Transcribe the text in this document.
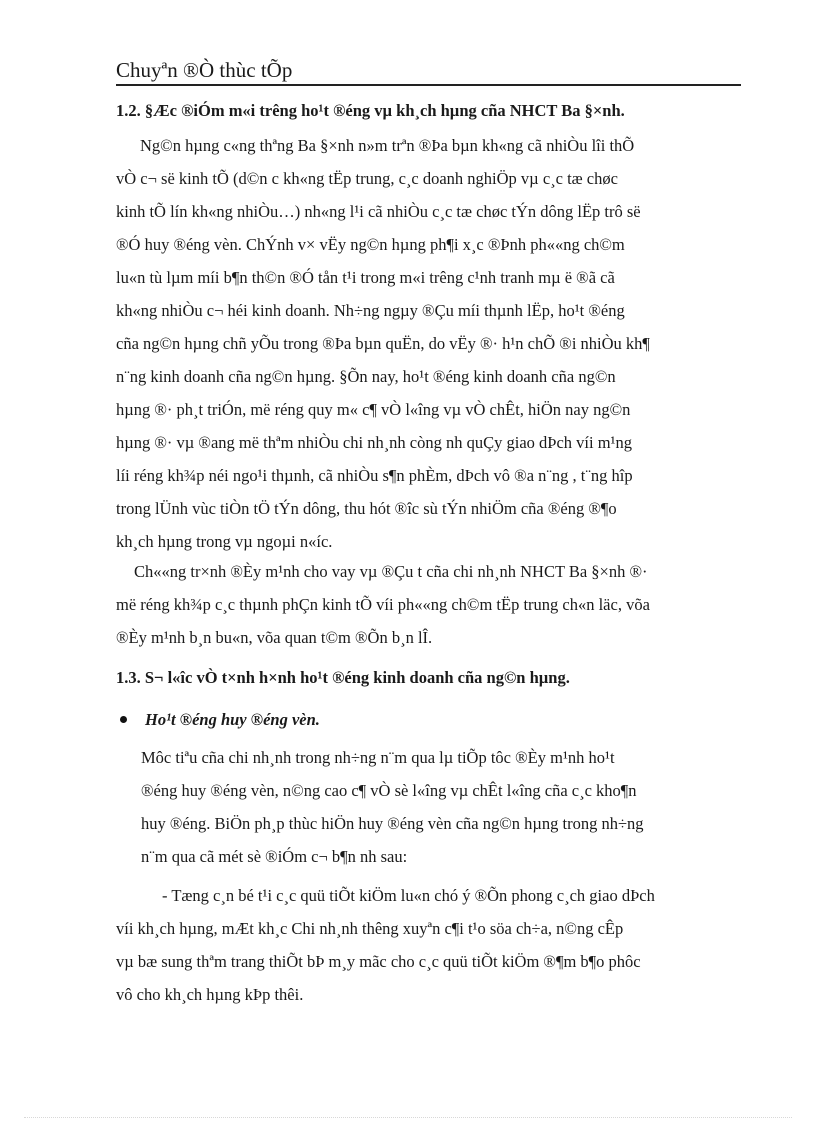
Chuyªn ®Ò thùc tÕp
1.2. §Æc ®iÓm m«i trêng ho¹t ®éng vµ kh¸ch hµng cña NHCT Ba §×nh.
Ng©n hµng c«ng thªng Ba §×nh n»m trªn ®Þa bµn kh«ng cã nhiÒu lîi thÕ
vÒ c¬ së kinh tÕ (d©n c kh«ng tËp trung, c¸c doanh nghiÖp vµ c¸c tæ chøc
kinh tÕ lín kh«ng nhiÒu…) nh«ng l¹i cã nhiÒu c¸c tæ chøc tÝn dông lËp trô së
®Ó huy ®éng vèn. ChÝnh v× vËy ng©n hµng ph¶i x¸c ®Þnh ph««ng ch©m
lu«n tù lµm míi b¶n th©n ®Ó tån t¹i trong m«i trêng c¹nh tranh mµ ë ®ã cã
kh«ng nhiÒu c¬ héi kinh doanh. Nh÷ng ngµy ®Çu míi thµnh lËp, ho¹t ®éng
cña ng©n hµng chñ yÕu trong ®Þa bµn quËn, do vËy ®· h¹n chÕ ®i nhiÒu kh¶
n¨ng kinh doanh cña ng©n hµng. §Õn nay, ho¹t ®éng kinh doanh cña ng©n
hµng ®· ph¸t triÓn, më réng quy m« c¶ vÒ l«îng vµ vÒ chÊt, hiÖn nay ng©n
hµng ®· vµ ®ang më thªm nhiÒu chi nh¸nh còng nh quÇy giao dÞch víi m¹ng
líi réng kh¾p néi ngo¹i thµnh, cã nhiÒu s¶n phÈm, dÞch vô ®a n¨ng , t¨ng hîp
trong lÜnh vùc tiÒn tÖ tÝn dông, thu hót ®îc sù tÝn nhiÖm cña ®éng ®¶o
kh¸ch hµng trong vµ ngoµi n«íc.
Ch««ng tr×nh ®Èy m¹nh cho vay vµ ®Çu t cña chi nh¸nh NHCT Ba §×nh ®·
më réng kh¾p c¸c thµnh phÇn kinh tÕ víi ph««ng ch©m tËp trung ch«n läc, võa
®Èy m¹nh b¸n bu«n, võa quan t©m ®Õn b¸n lÎ.
1.3. S¬ l«îc vÒ t×nh h×nh ho¹t ®éng kinh doanh cña ng©n hµng.
Ho¹t ®éng huy ®éng vèn.
Môc tiªu cña chi nh¸nh trong nh÷ng n¨m qua lµ tiÕp tôc ®Èy m¹nh ho¹t
®éng huy ®éng vèn, n©ng cao c¶ vÒ sè l«îng vµ chÊt l«îng cña c¸c kho¶n
huy ®éng. BiÖn ph¸p thùc hiÖn huy ®éng vèn cña ng©n hµng trong nh÷ng
n¨m qua cã mét sè ®iÓm c¬ b¶n nh sau:
- Tæng c¸n bé t¹i c¸c quü tiÕt kiÖm lu«n chó ý ®Õn phong c¸ch giao dÞch
víi kh¸ch hµng, mÆt kh¸c Chi nh¸nh thêng xuyªn c¶i t¹o söa ch÷a, n©ng cÊp
vµ bæ sung thªm trang thiÕt bÞ m¸y mãc cho c¸c quü tiÕt kiÖm ®¶m b¶o phôc
vô cho kh¸ch hµng kÞp thêi.
